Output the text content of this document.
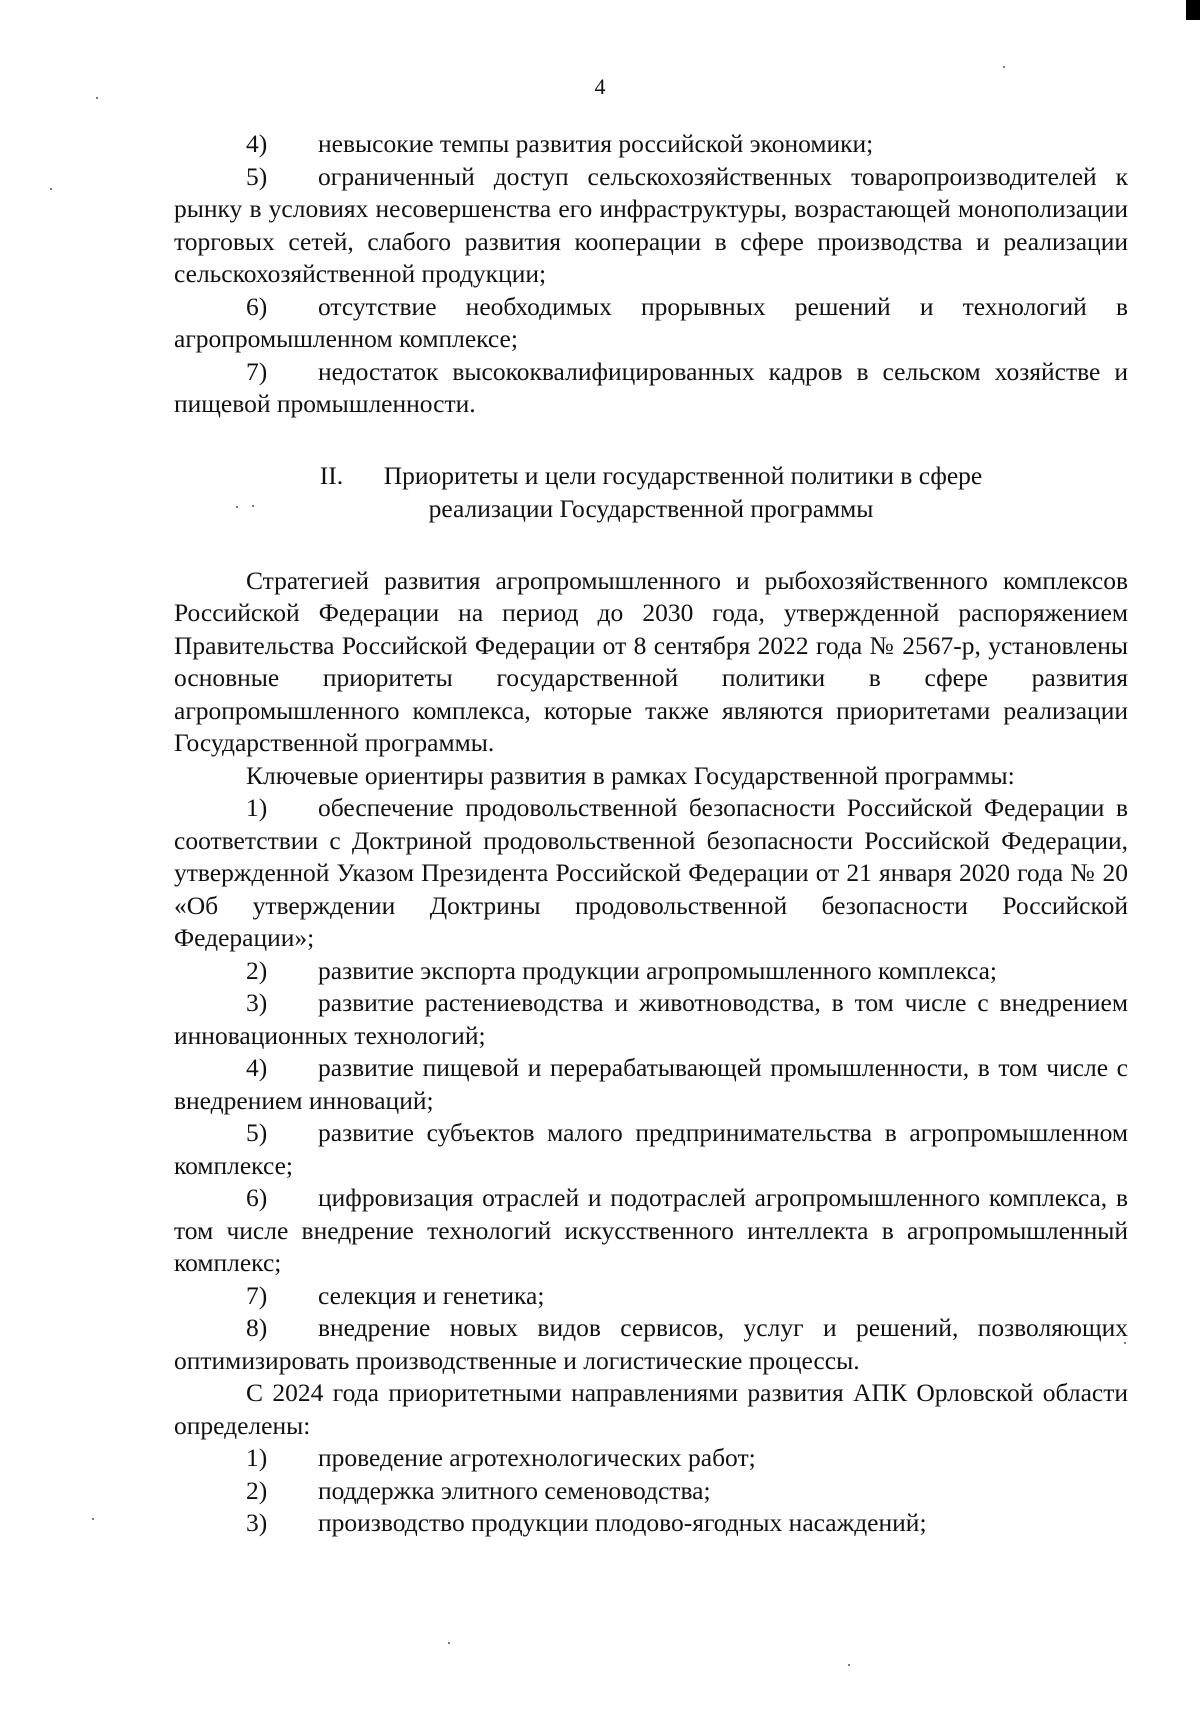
4

4) невысокие темпы развития российской экономики;

5) ограниченный доступ сельскохозяйственных товаропроизводителей к рынку в условиях несовершенства его инфраструктуры, возрастающей монополизации торговых сетей, слабого развития кооперации в сфере производства и реализации сельскохозяйственной продукции;

6) отсутствие необходимых прорывных решений и технологий в агропромышленном комплексе;

7) недостаток высококвалифицированных кадров в сельском хозяйстве и пищевой промышленности.

II. Приоритеты и цели государственной политики в сфере
реализации Государственной программы

Стратегией развития агропромышленного и рыбохозяйственного комплексов Российской Федерации на период до 2030 года, утвержденной распоряжением Правительства Российской Федерации от 8 сентября 2022 года № 2567-р, установлены основные приоритеты государственной политики в сфере развития агропромышленного комплекса, которые также являются приоритетами реализации Государственной программы.

Ключевые ориентиры развития в рамках Государственной программы:

1) обеспечение продовольственной безопасности Российской Федерации в соответствии с Доктриной продовольственной безопасности Российской Федерации, утвержденной Указом Президента Российской Федерации от 21 января 2020 года № 20 «Об утверждении Доктрины продовольственной безопасности Российской Федерации»;

2) развитие экспорта продукции агропромышленного комплекса;

3) развитие растениеводства и животноводства, в том числе с внедрением инновационных технологий;

4) развитие пищевой и перерабатывающей промышленности, в том числе с внедрением инноваций;

5) развитие субъектов малого предпринимательства в агропромышленном комплексе;

6) цифровизация отраслей и подотраслей агропромышленного комплекса, в том числе внедрение технологий искусственного интеллекта в агропромышленный комплекс;

7) селекция и генетика;

8) внедрение новых видов сервисов, услуг и решений, позволяющих оптимизировать производственные и логистические процессы.

С 2024 года приоритетными направлениями развития АПК Орловской области определены:

1) проведение агротехнологических работ;

2) поддержка элитного семеноводства;

3) производство продукции плодово-ягодных насаждений;
